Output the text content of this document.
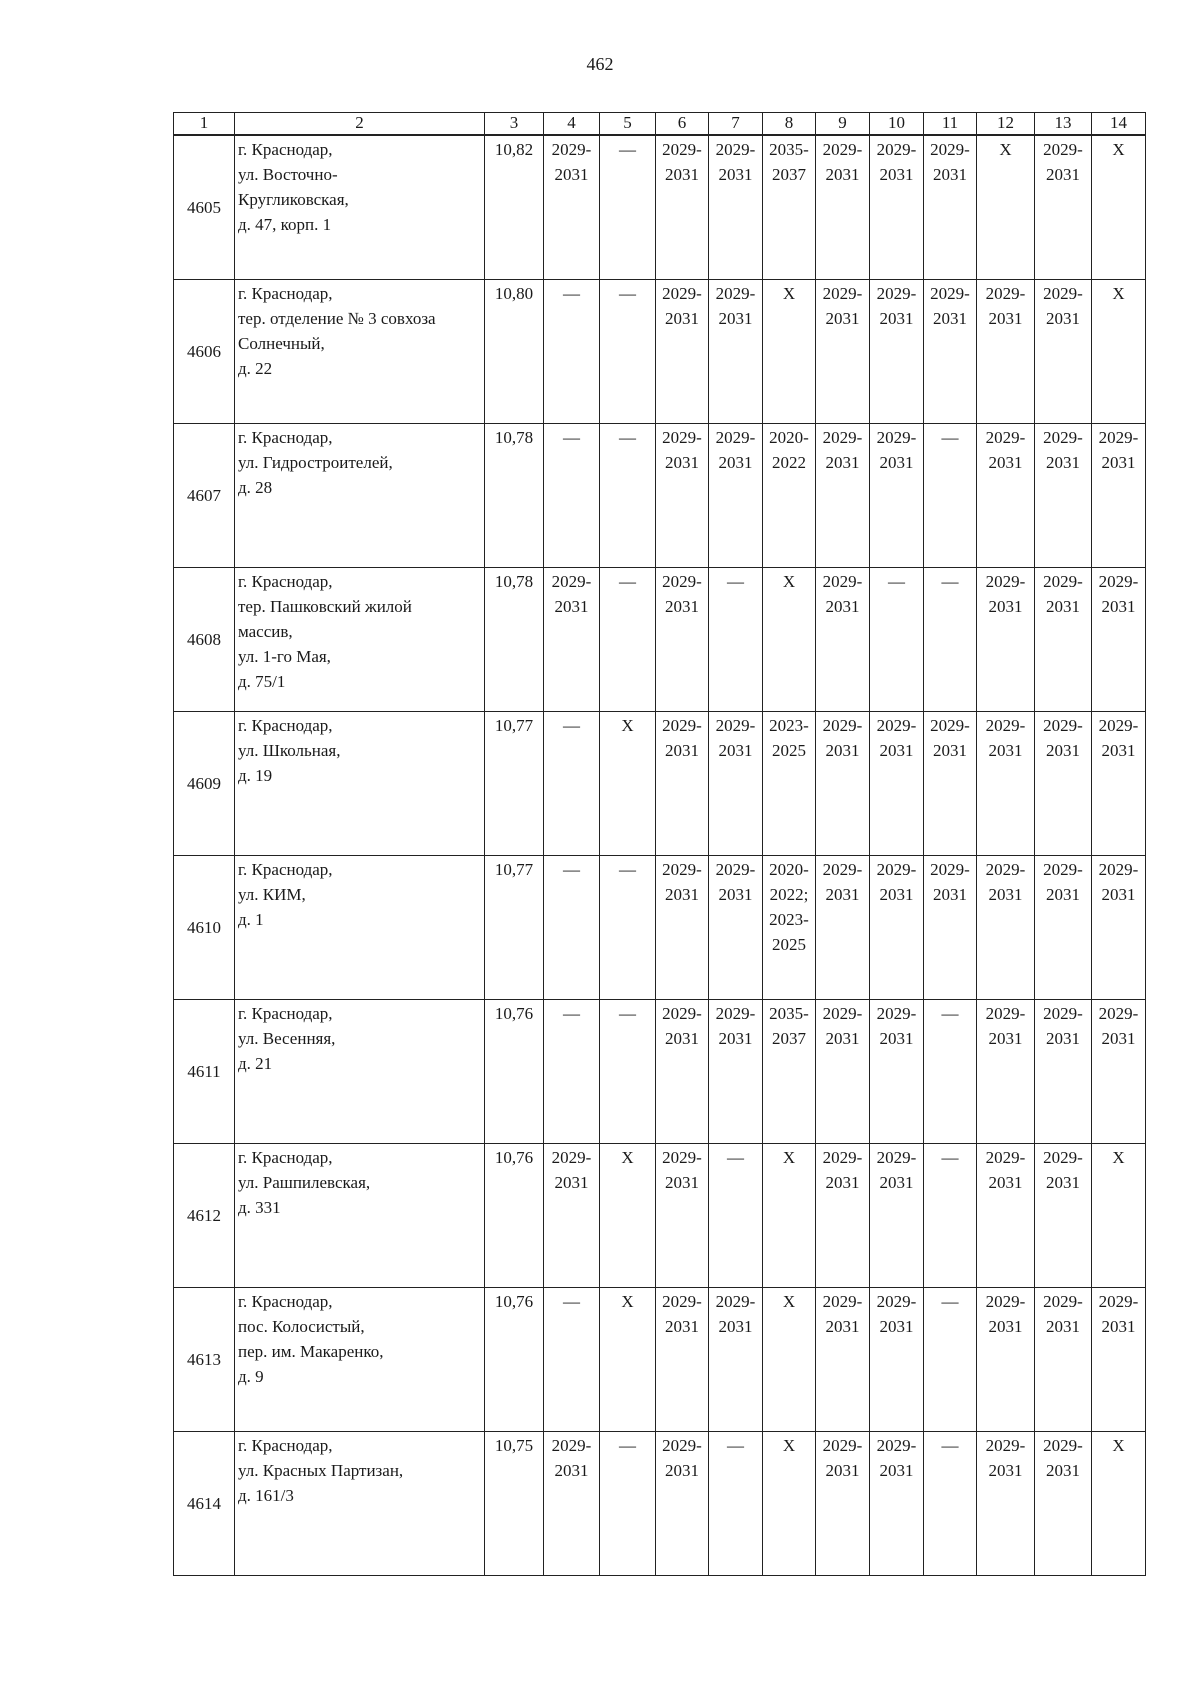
462
1	2	3	4	5	6	7	8	9	10	11	12	13	14
4605	г. Краснодар,
ул. Восточно-
Кругликовская,
д. 47, корп. 1	10,82	2029-
2031	—	2029-
2031	2029-
2031	2035-
2037	2029-
2031	2029-
2031	2029-
2031	Х	2029-
2031	Х

4606	г. Краснодар,
тер. отделение № 3 совхоза
Солнечный,
д. 22	10,80	—	—	2029-
2031	2029-
2031	Х	2029-
2031	2029-
2031	2029-
2031	2029-
2031	2029-
2031	Х

4607	г. Краснодар,
ул. Гидростроителей,
д. 28	10,78	—	—	2029-
2031	2029-
2031	2020-
2022	2029-
2031	2029-
2031	—	2029-
2031	2029-
2031	2029-
2031

4608	г. Краснодар,
тер. Пашковский жилой
массив,
ул. 1-го Мая,
д. 75/1	10,78	2029-
2031	—	2029-
2031	—	Х	2029-
2031	—	—	2029-
2031	2029-
2031	2029-
2031

4609	г. Краснодар,
ул. Школьная,
д. 19	10,77	—	Х	2029-
2031	2029-
2031	2023-
2025	2029-
2031	2029-
2031	2029-
2031	2029-
2031	2029-
2031	2029-
2031

4610	г. Краснодар,
ул. КИМ,
д. 1	10,77	—	—	2029-
2031	2029-
2031	2020-
2022;
2023-
2025	2029-
2031	2029-
2031	2029-
2031	2029-
2031	2029-
2031	2029-
2031

4611	г. Краснодар,
ул. Весенняя,
д. 21	10,76	—	—	2029-
2031	2029-
2031	2035-
2037	2029-
2031	2029-
2031	—	2029-
2031	2029-
2031	2029-
2031

4612	г. Краснодар,
ул. Рашпилевская,
д. 331	10,76	2029-
2031	Х	2029-
2031	—	Х	2029-
2031	2029-
2031	—	2029-
2031	2029-
2031	Х

4613	г. Краснодар,
пос. Колосистый,
пер. им. Макаренко,
д. 9	10,76	—	Х	2029-
2031	2029-
2031	Х	2029-
2031	2029-
2031	—	2029-
2031	2029-
2031	2029-
2031

4614	г. Краснодар,
ул. Красных Партизан,
д. 161/3	10,75	2029-
2031	—	2029-
2031	—	Х	2029-
2031	2029-
2031	—	2029-
2031	2029-
2031	Х
